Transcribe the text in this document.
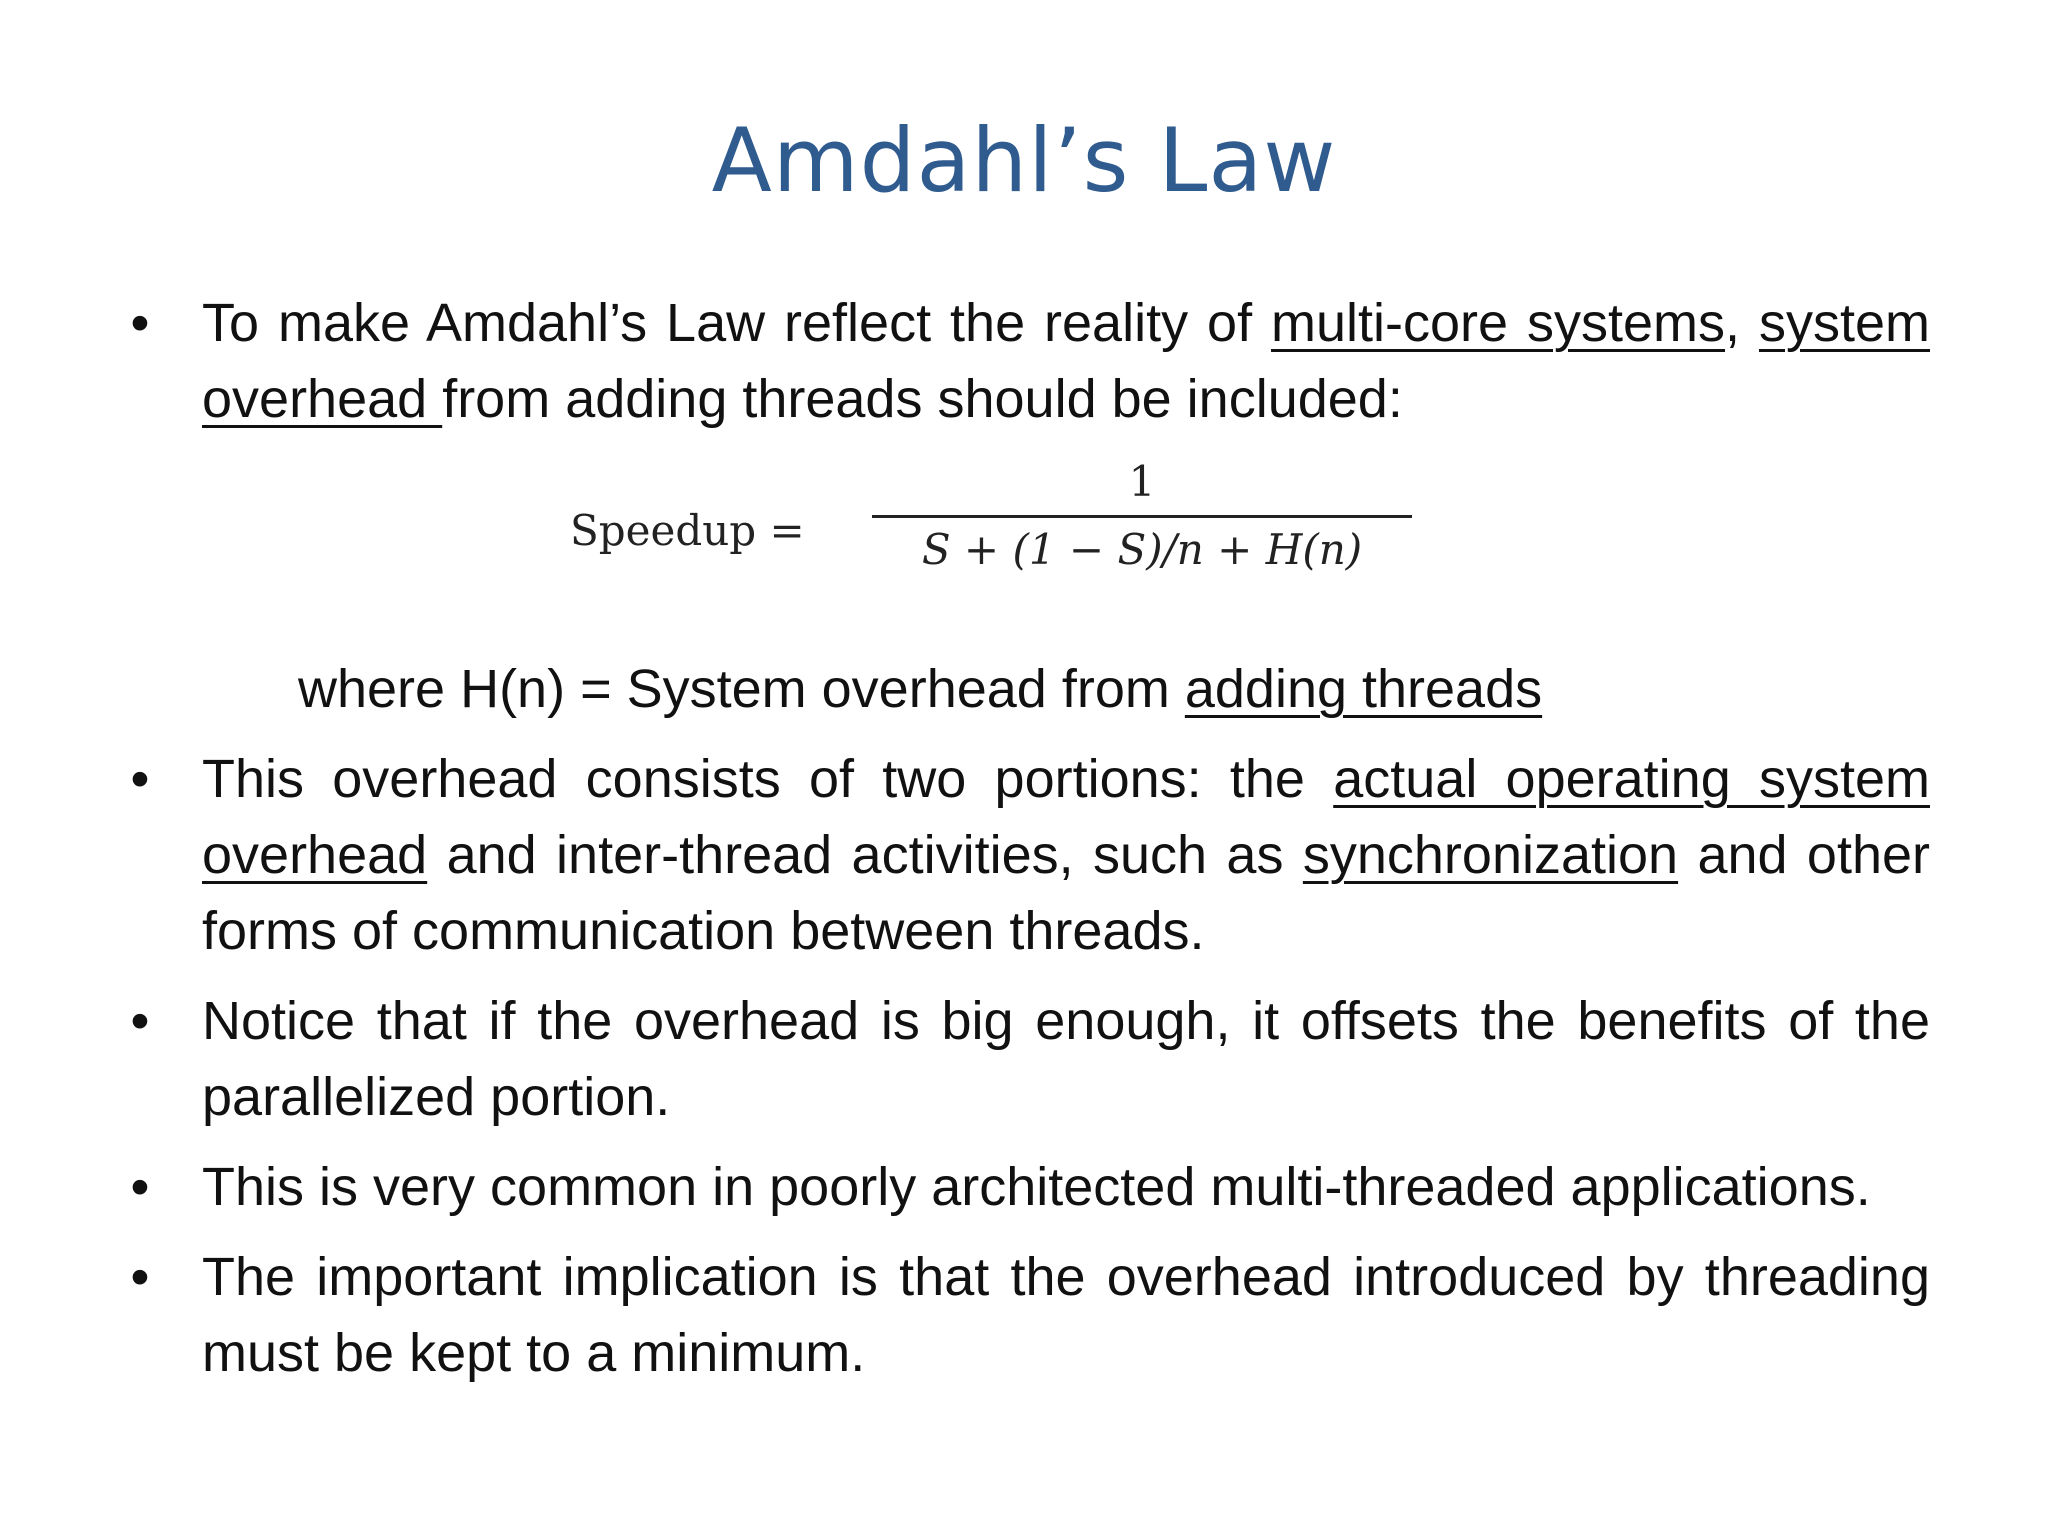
Amdahl’s Law
• To make Amdahl’s Law reflect the reality of multi-core systems, system overhead from adding threads should be included:
Speedup =
1
S + (1 − S)/n + H(n)
where H(n) = System overhead from adding threads
• This overhead consists of two portions: the actual operating system overhead and inter-thread activities, such as synchronization and other forms of communication between threads.
• Notice that if the overhead is big enough, it offsets the benefits of the parallelized portion.
• This is very common in poorly architected multi-threaded applications.
• The important implication is that the overhead introduced by threading must be kept to a minimum.
